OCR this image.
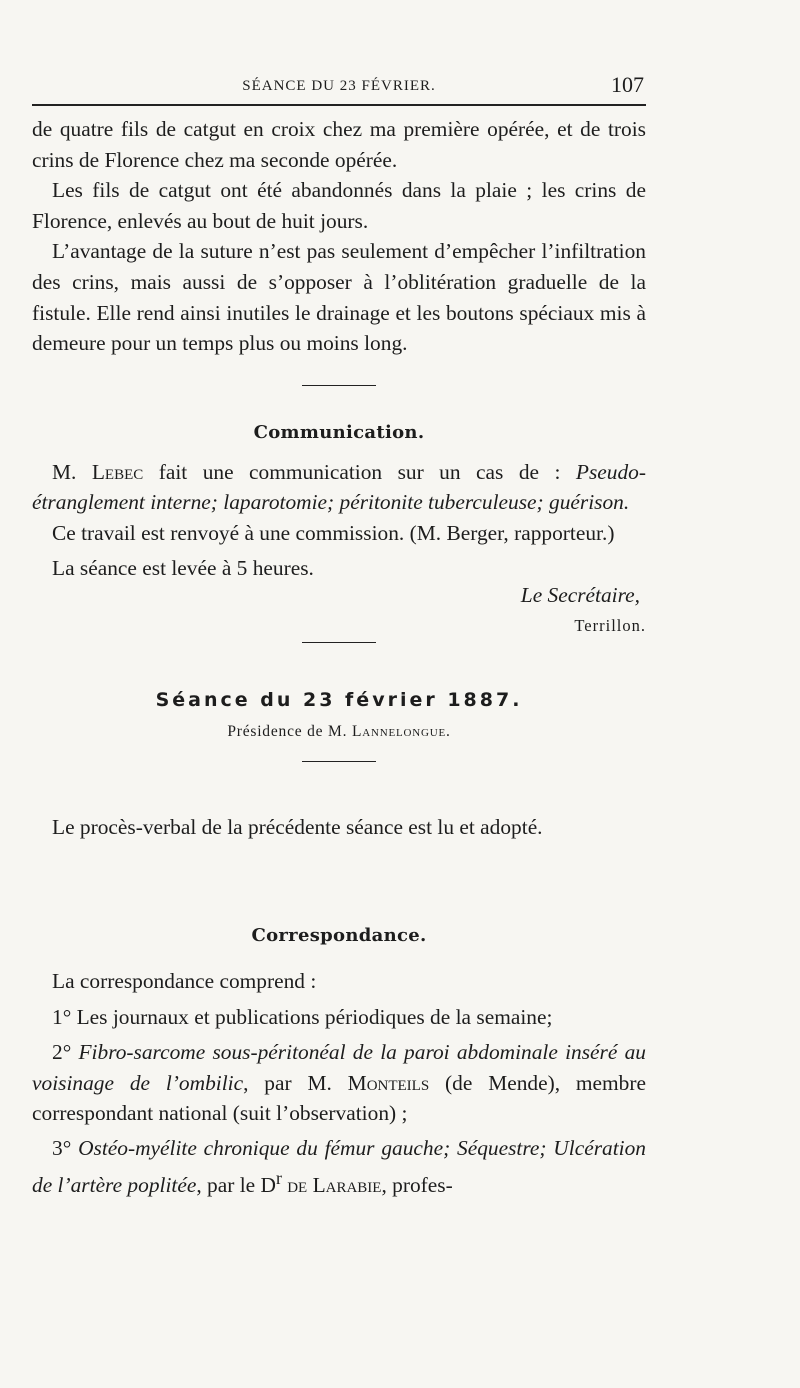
SÉANCE DU 23 FÉVRIER.	107

de quatre fils de catgut en croix chez ma première opérée, et de trois crins de Florence chez ma seconde opérée.

Les fils de catgut ont été abandonnés dans la plaie ; les crins de Florence, enlevés au bout de huit jours.

L’avantage de la suture n’est pas seulement d’empêcher l’infiltration des crins, mais aussi de s’opposer à l’oblitération graduelle de la fistule. Elle rend ainsi inutiles le drainage et les boutons spéciaux mis à demeure pour un temps plus ou moins long.

Communication.

M. Lebec fait une communication sur un cas de : Pseudo-étranglement interne; laparotomie; péritonite tuberculeuse; guérison.

Ce travail est renvoyé à une commission. (M. Berger, rapporteur.)

La séance est levée à 5 heures.

Le Secrétaire,
Terrillon.
Séance du 23 février 1887.
Présidence de M. Lannelongue.

Le procès-verbal de la précédente séance est lu et adopté.

Correspondance.

La correspondance comprend :

1° Les journaux et publications périodiques de la semaine;

2° Fibro-sarcome sous-péritonéal de la paroi abdominale inséré au voisinage de l’ombilic, par M. Monteils (de Mende), membre correspondant national (suit l’observation) ;

3° Ostéo-myélite chronique du fémur gauche; Séquestre; Ulcération de l’artère poplitée, par le $D^r$ de Larabie, profes-
